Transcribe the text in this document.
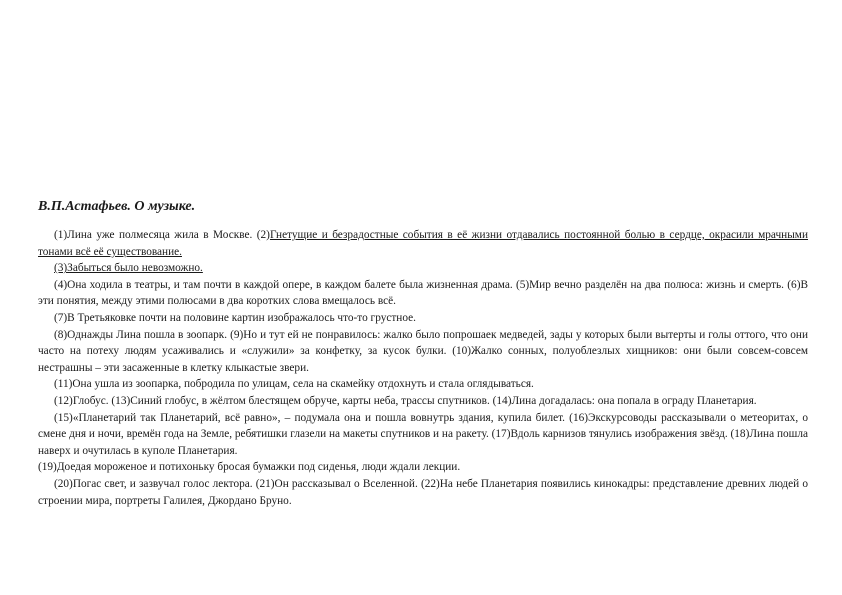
В.П.Астафьев. О музыке.

(1)Лина уже полмесяца жила в Москве. (2)Гнетущие и безрадостные события в её жизни отдавались постоянной болью в сердце, окрасили мрачными тонами всё её существование.

(3)Забыться было невозможно.

(4)Она ходила в театры, и там почти в каждой опере, в каждом балете была жизненная драма. (5)Мир вечно разделён на два полюса: жизнь и смерть. (6)В эти понятия, между этими полюсами в два коротких слова вмещалось всё.

(7)В Третьяковке почти на половине картин изображалось что-то грустное.

(8)Однажды Лина пошла в зоопарк. (9)Но и тут ей не понравилось: жалко было попрошаек медведей, зады у которых были вытерты и голы оттого, что они часто на потеху людям усаживались и «служили» за конфетку, за кусок булки. (10)Жалко сонных, полуоблезлых хищников: они были совсем-совсем нестрашны – эти засаженные в клетку клыкастые звери.

(11)Она ушла из зоопарка, побродила по улицам, села на скамейку отдохнуть и стала оглядываться.

(12)Глобус. (13)Синий глобус, в жёлтом блестящем обруче, карты неба, трассы спутников. (14)Лина догадалась: она попала в ограду Планетария.

(15)«Планетарий так Планетарий, всё равно», – подумала она и пошла вовнутрь здания, купила билет. (16)Экскурсоводы рассказывали о метеоритах, о смене дня и ночи, времён года на Земле, ребятишки глазели на макеты спутников и на ракету. (17)Вдоль карнизов тянулись изображения звёзд. (18)Лина пошла наверх и очутилась в куполе Планетария.

(19)Доедая мороженое и потихоньку бросая бумажки под сиденья, люди ждали лекции.

(20)Погас свет, и зазвучал голос лектора. (21)Он рассказывал о Вселенной. (22)На небе Планетария появились кинокадры: представление древних людей о строении мира, портреты Галилея, Джордано Бруно.
